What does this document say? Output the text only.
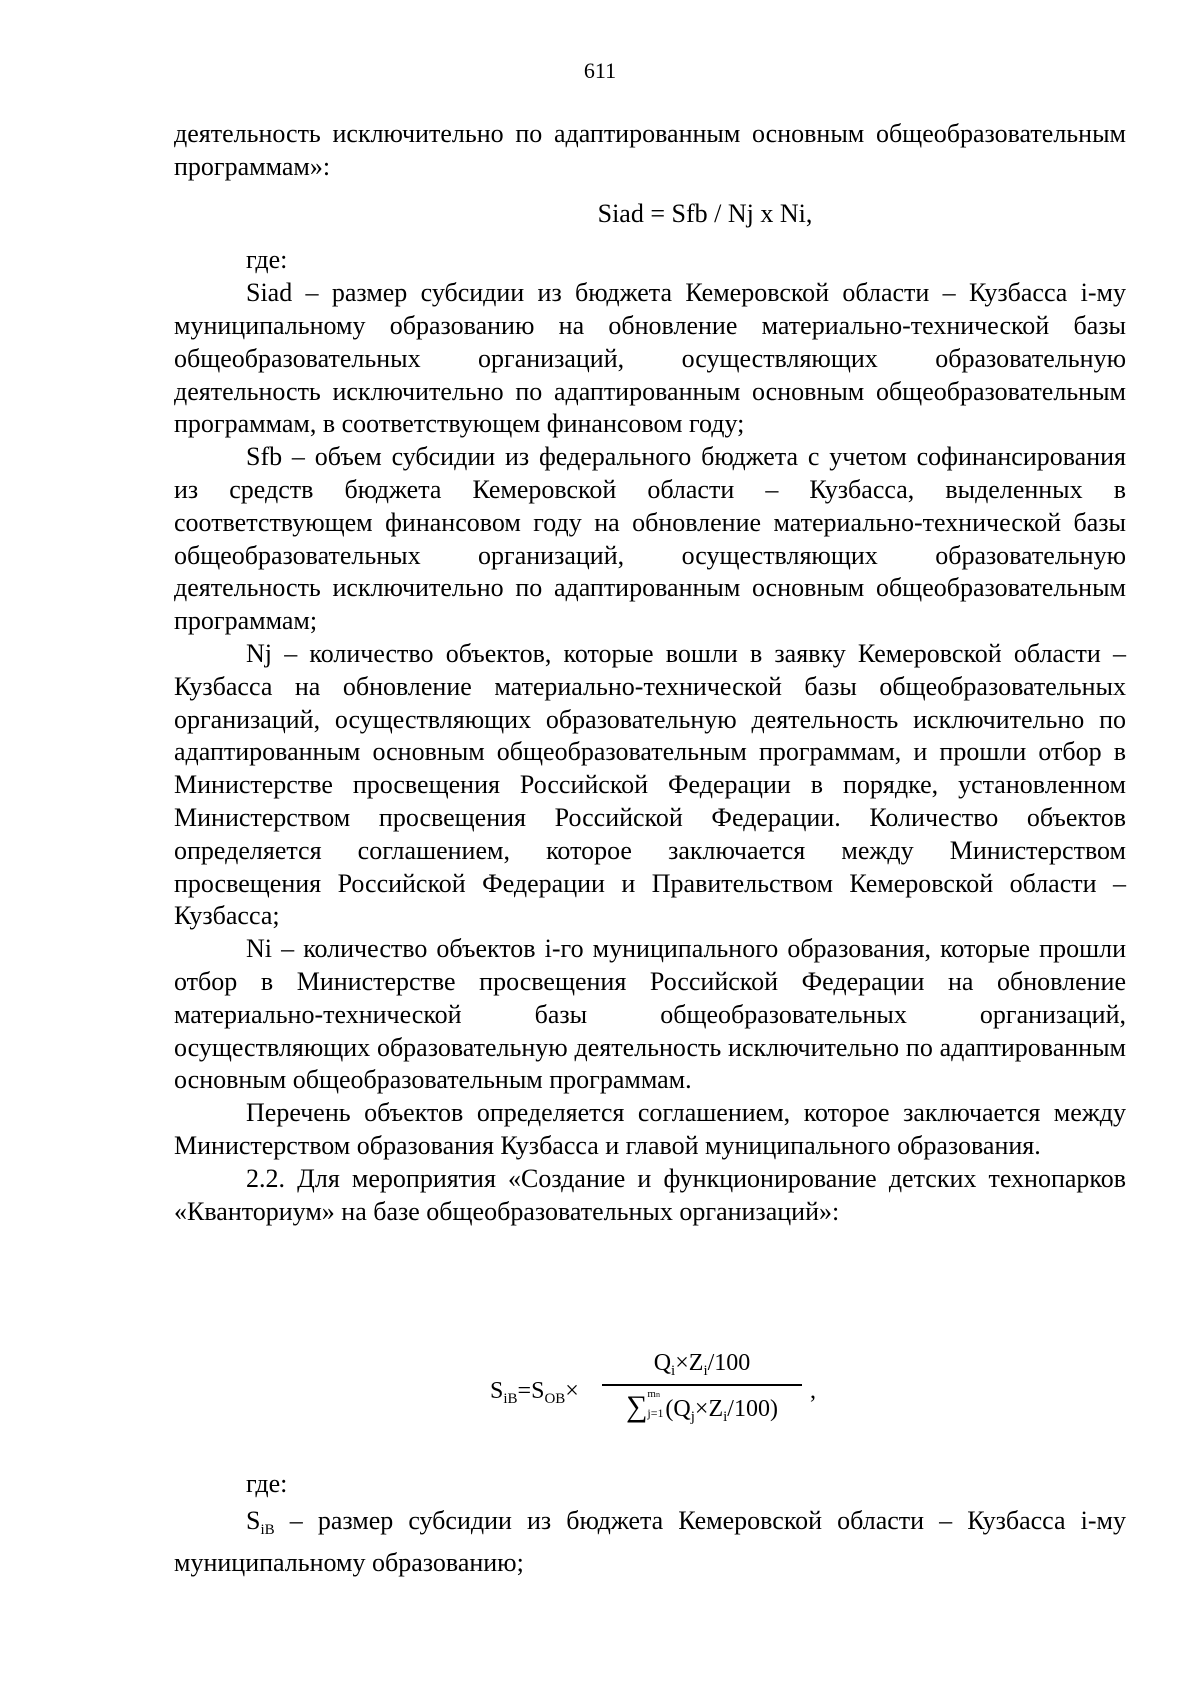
611

деятельность исключительно по адаптированным основным общеобразовательным программам»:

Siad = Sfb / Nj x Ni,

где:

Siad – размер субсидии из бюджета Кемеровской области – Кузбасса i-му муниципальному образованию на обновление материально-технической базы общеобразовательных организаций, осуществляющих образовательную деятельность исключительно по адаптированным основным общеобразовательным программам, в соответствующем финансовом году;

Sfb – объем субсидии из федерального бюджета с учетом софинансирования из средств бюджета Кемеровской области – Кузбасса, выделенных в соответствующем финансовом году на обновление материально-технической базы общеобразовательных организаций, осуществляющих образовательную деятельность исключительно по адаптированным основным общеобразовательным программам;

Nj – количество объектов, которые вошли в заявку Кемеровской области – Кузбасса на обновление материально-технической базы общеобразовательных организаций, осуществляющих образовательную деятельность исключительно по адаптированным основным общеобразовательным программам, и прошли отбор в Министерстве просвещения Российской Федерации в порядке, установленном Министерством просвещения Российской Федерации. Количество объектов определяется соглашением, которое заключается между Министерством просвещения Российской Федерации и Правительством Кемеровской области – Кузбасса;

Ni – количество объектов i-го муниципального образования, которые прошли отбор в Министерстве просвещения Российской Федерации на обновление материально-технической базы общеобразовательных организаций, осуществляющих образовательную деятельность исключительно по адаптированным основным общеобразовательным программам.

Перечень объектов определяется соглашением, которое заключается между Министерством образования Кузбасса и главой муниципального образования.

2.2. Для мероприятия «Создание и функционирование детских технопарков «Кванториум» на базе общеобразовательных организаций»:

$S_{iB}=S_{OB}\times$
$Q_i\times Z_i/100$
∑ mn
j=1 $(Q_j\times Z_i/100)$
,

где:

$S_{iB}$ – размер субсидии из бюджета Кемеровской области – Кузбасса i-му муниципальному образованию;
